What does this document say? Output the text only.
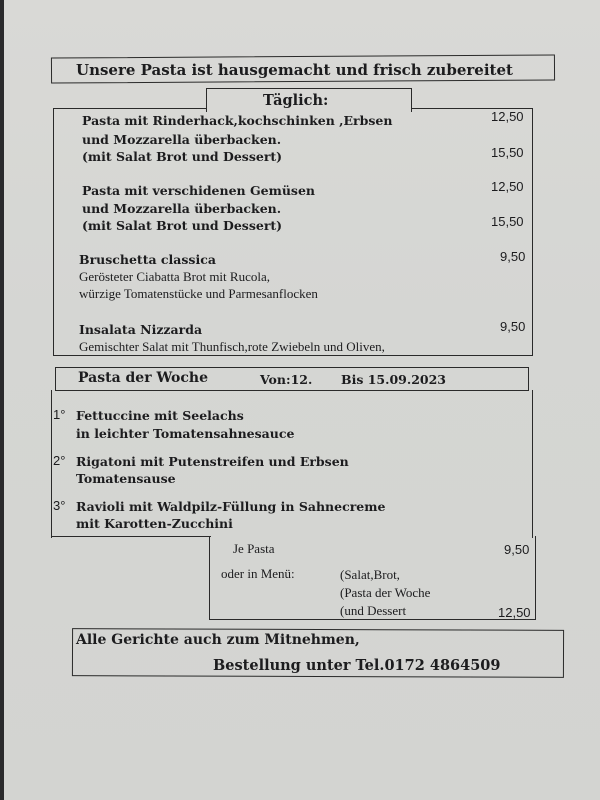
Unsere Pasta ist hausgemacht und frisch zubereitet
Täglich:
Pasta mit Rinderhack,kochschinken ,Erbsen
und Mozzarella überbacken.
(mit Salat Brot und Dessert)
12,50
15,50
Pasta mit verschidenen Gemüsen
und Mozzarella überbacken.
(mit Salat Brot und Dessert)
12,50
15,50
Bruschetta classica
Gerösteter Ciabatta Brot mit Rucola,
würzige Tomatenstücke und Parmesanflocken
9,50
Insalata Nizzarda
Gemischter Salat mit Thunfisch,rote Zwiebeln und Oliven,
9,50
Pasta der Woche	Von:12. Bis 15.09.2023
1° Fettuccine mit Seelachs
in leichter Tomatensahnesauce
2° Rigatoni mit Putenstreifen und Erbsen
Tomatensause
3° Ravioli mit Waldpilz-Füllung in Sahnecreme
mit Karotten-Zucchini
Je Pasta	9,50
oder in Menü:	(Salat,Brot,
(Pasta der Woche
(und Dessert	12,50
Alle Gerichte auch zum Mitnehmen,
Bestellung unter Tel.0172 4864509
